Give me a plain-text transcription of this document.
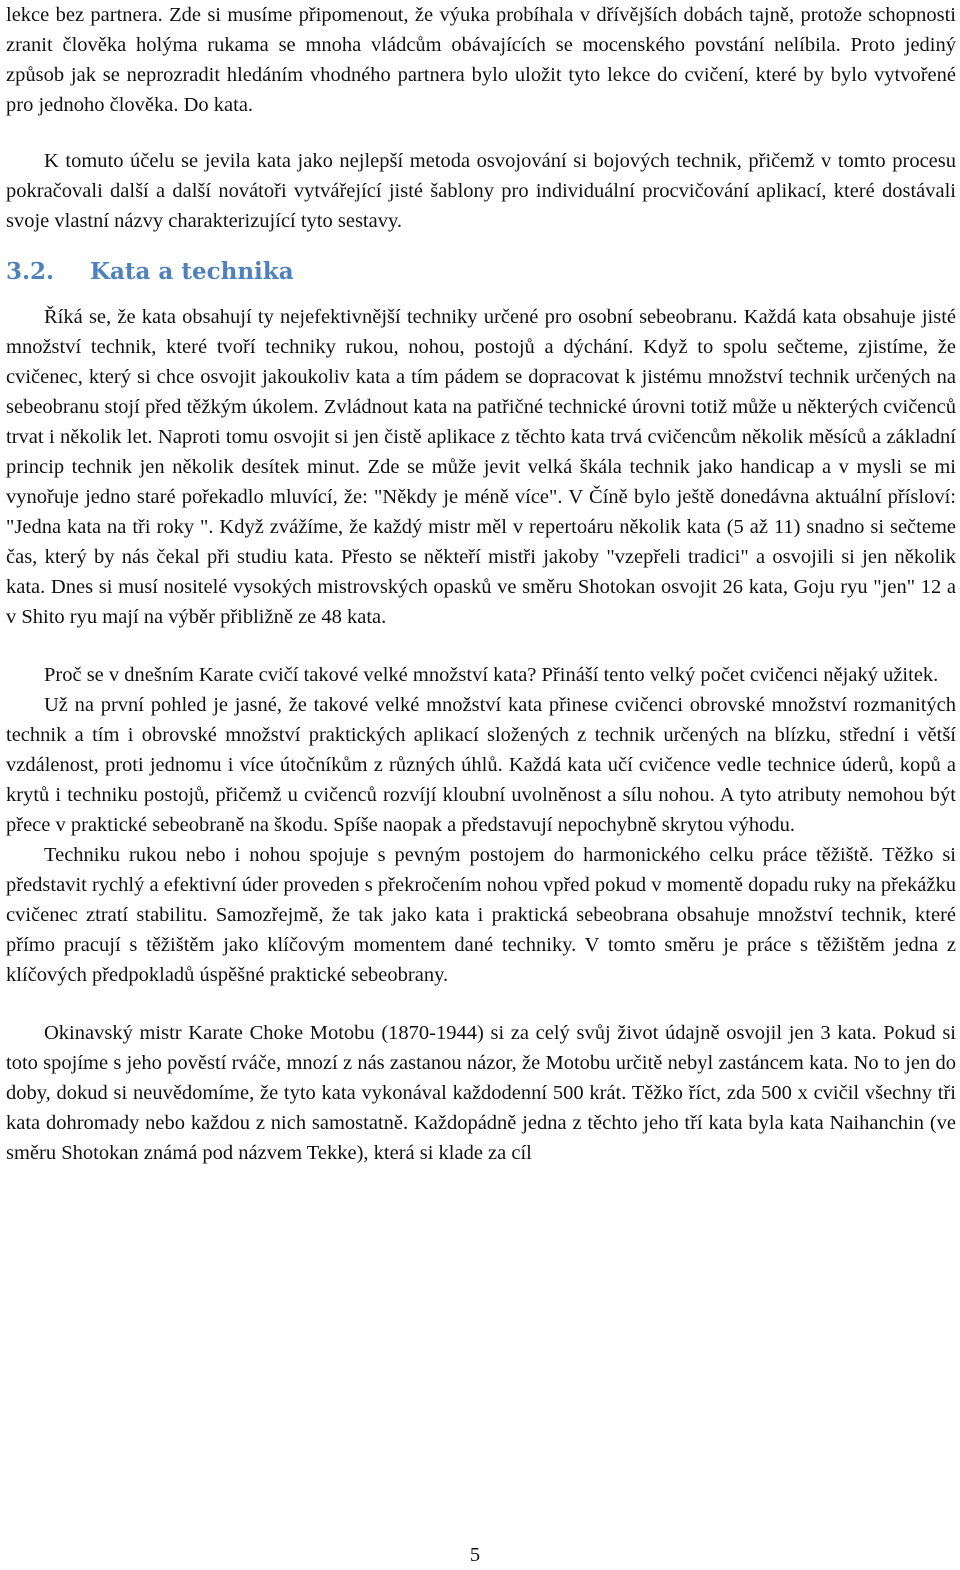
lekce bez partnera. Zde si musíme připomenout, že výuka probíhala v dřívějších dobách tajně, protože schopnosti zranit člověka holýma rukama se mnoha vládcům obávajících se mocenského povstání nelíbila. Proto jediný způsob jak se neprozradit hledáním vhodného partnera bylo uložit tyto lekce do cvičení, které by bylo vytvořené pro jednoho člověka. Do kata.

K tomuto účelu se jevila kata jako nejlepší metoda osvojování si bojových technik, přičemž v tomto procesu pokračovali další a další novátoři vytvářející jisté šablony pro individuální procvičování aplikací, které dostávali svoje vlastní názvy charakterizující tyto sestavy.

3.2.	Kata a technika

Říká se, že kata obsahují ty nejefektivnější techniky určené pro osobní sebeobranu. Každá kata obsahuje jisté množství technik, které tvoří techniky rukou, nohou, postojů a dýchání. Když to spolu sečteme, zjistíme, že cvičenec, který si chce osvojit jakoukoliv kata a tím pádem se dopracovat k jistému množství technik určených na sebeobranu stojí před těžkým úkolem. Zvládnout kata na patřičné technické úrovni totiž může u některých cvičenců trvat i několik let. Naproti tomu osvojit si jen čistě aplikace z těchto kata trvá cvičencům několik měsíců a základní princip technik jen několik desítek minut. Zde se může jevit velká škála technik jako handicap a v mysli se mi vynořuje jedno staré pořekadlo mluvící, že: "Někdy je méně více". V Číně bylo ještě donedávna aktuální přísloví: "Jedna kata na tři roky ". Když zvážíme, že každý mistr měl v repertoáru několik kata (5 až 11) snadno si sečteme čas, který by nás čekal při studiu kata. Přesto se někteří mistři jakoby "vzepřeli tradici" a osvojili si jen několik kata. Dnes si musí nositelé vysokých mistrovských opasků ve směru Shotokan osvojit 26 kata, Goju ryu "jen" 12 a v Shito ryu mají na výběr přibližně ze 48 kata.

Proč se v dnešním Karate cvičí takové velké množství kata? Přináší tento velký počet cvičenci nějaký užitek.

Už na první pohled je jasné, že takové velké množství kata přinese cvičenci obrovské množství rozmanitých technik a tím i obrovské množství praktických aplikací složených z technik určených na blízku, střední i větší vzdálenost, proti jednomu i více útočníkům z různých úhlů. Každá kata učí cvičence vedle technice úderů, kopů a krytů i techniku postojů, přičemž u cvičenců rozvíjí kloubní uvolněnost a sílu nohou. A tyto atributy nemohou být přece v praktické sebeobraně na škodu. Spíše naopak a představují nepochybně skrytou výhodu.

Techniku rukou nebo i nohou spojuje s pevným postojem do harmonického celku práce těžiště. Těžko si představit rychlý a efektivní úder proveden s překročením nohou vpřed pokud v momentě dopadu ruky na překážku cvičenec ztratí stabilitu. Samozřejmě, že tak jako kata i praktická sebeobrana obsahuje množství technik, které přímo pracují s těžištěm jako klíčovým momentem dané techniky. V tomto směru je práce s těžištěm jedna z klíčových předpokladů úspěšné praktické sebeobrany.

Okinavský mistr Karate Choke Motobu (1870-1944) si za celý svůj život údajně osvojil jen 3 kata. Pokud si toto spojíme s jeho pověstí rváče, mnozí z nás zastanou názor, že Motobu určitě nebyl zastáncem kata. No to jen do doby, dokud si neuvědomíme, že tyto kata vykonával každodenní 500 krát. Těžko říct, zda 500 x cvičil všechny tři kata dohromady nebo každou z nich samostatně. Každopádně jedna z těchto jeho tří kata byla kata Naihanchin (ve směru Shotokan známá pod názvem Tekke), která si klade za cíl

5
